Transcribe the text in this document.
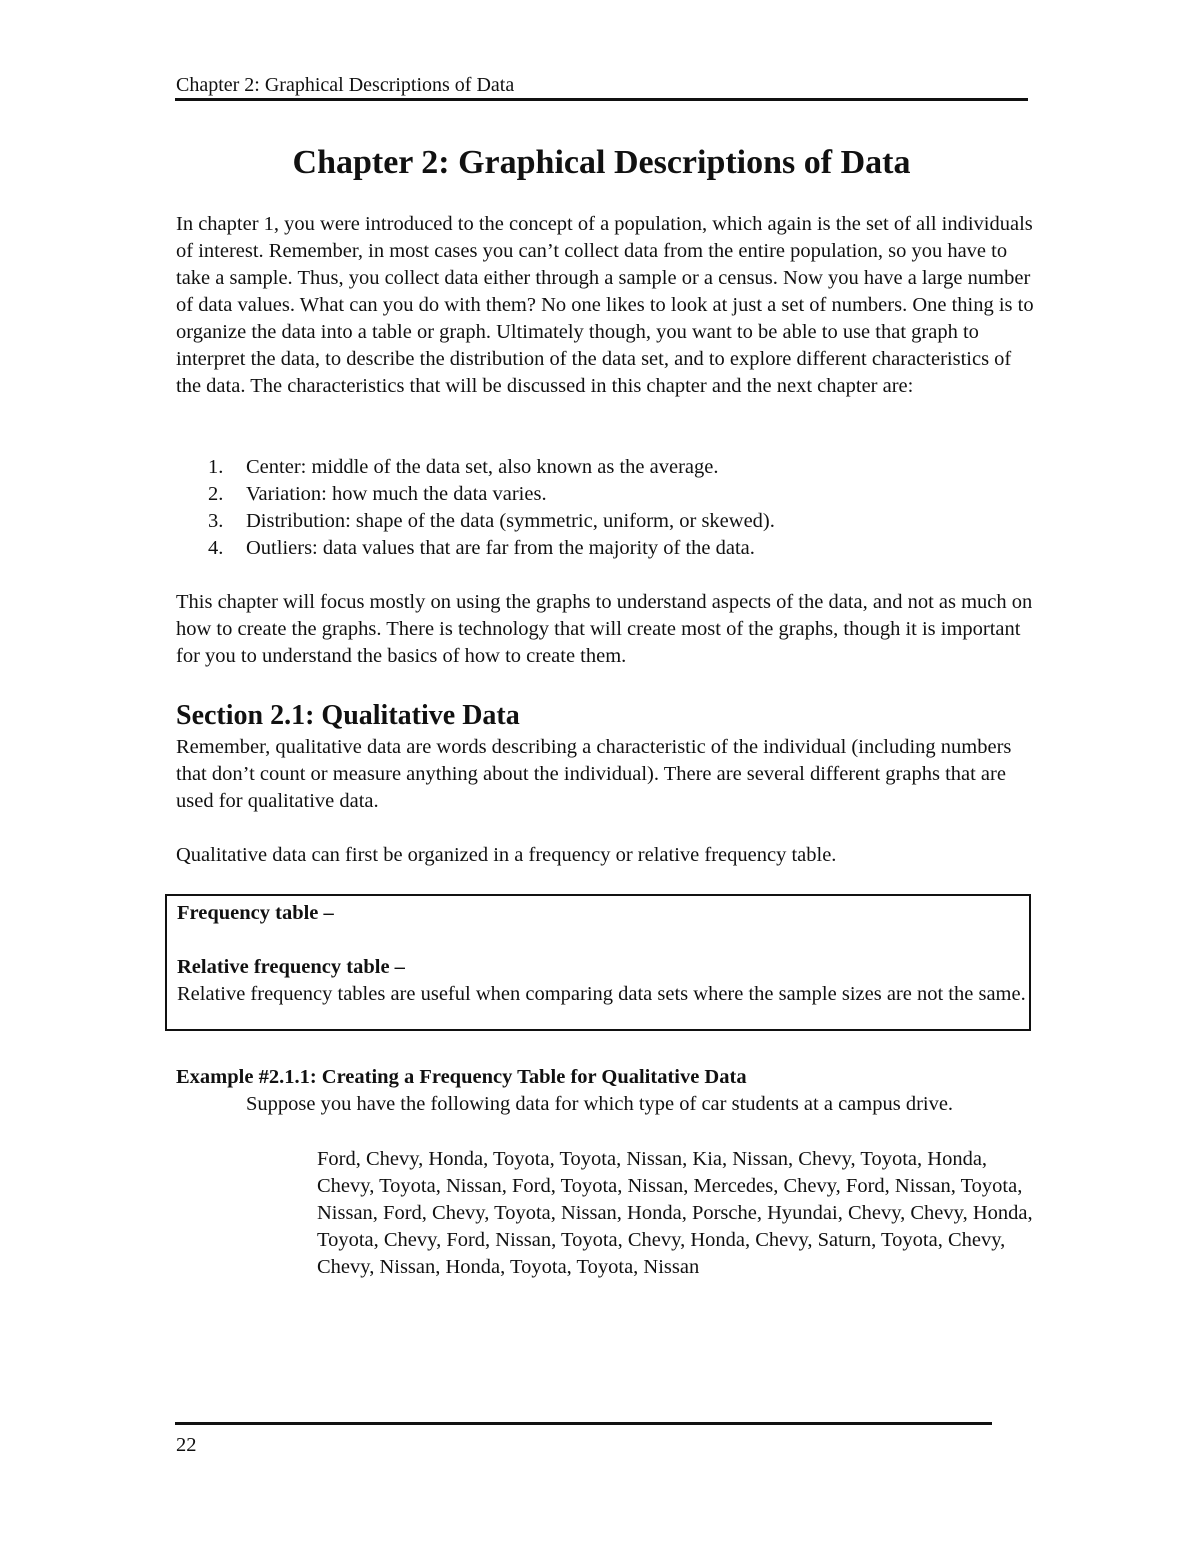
Chapter 2: Graphical Descriptions of Data
Chapter 2: Graphical Descriptions of Data

In chapter 1, you were introduced to the concept of a population, which again is the set of all individuals of interest. Remember, in most cases you can’t collect data from the entire population, so you have to take a sample. Thus, you collect data either through a sample or a census. Now you have a large number of data values. What can you do with them? No one likes to look at just a set of numbers. One thing is to organize the data into a table or graph. Ultimately though, you want to be able to use that graph to interpret the data, to describe the distribution of the data set, and to explore different characteristics of the data. The characteristics that will be discussed in this chapter and the next chapter are:

1. Center: middle of the data set, also known as the average.
2. Variation: how much the data varies.
3. Distribution: shape of the data (symmetric, uniform, or skewed).
4. Outliers: data values that are far from the majority of the data.

This chapter will focus mostly on using the graphs to understand aspects of the data, and not as much on how to create the graphs. There is technology that will create most of the graphs, though it is important for you to understand the basics of how to create them.

Section 2.1: Qualitative Data

Remember, qualitative data are words describing a characteristic of the individual (including numbers that don’t count or measure anything about the individual). There are several different graphs that are used for qualitative data.

Qualitative data can first be organized in a frequency or relative frequency table.

Frequency table –
Relative frequency table –
Relative frequency tables are useful when comparing data sets where the sample sizes are not the same.

Example #2.1.1: Creating a Frequency Table for Qualitative Data

Suppose you have the following data for which type of car students at a campus drive.

Ford, Chevy, Honda, Toyota, Toyota, Nissan, Kia, Nissan, Chevy, Toyota, Honda, Chevy, Toyota, Nissan, Ford, Toyota, Nissan, Mercedes, Chevy, Ford, Nissan, Toyota, Nissan, Ford, Chevy, Toyota, Nissan, Honda, Porsche, Hyundai, Chevy, Chevy, Honda, Toyota, Chevy, Ford, Nissan, Toyota, Chevy, Honda, Chevy, Saturn, Toyota, Chevy, Chevy, Nissan, Honda, Toyota, Toyota, Nissan

22
